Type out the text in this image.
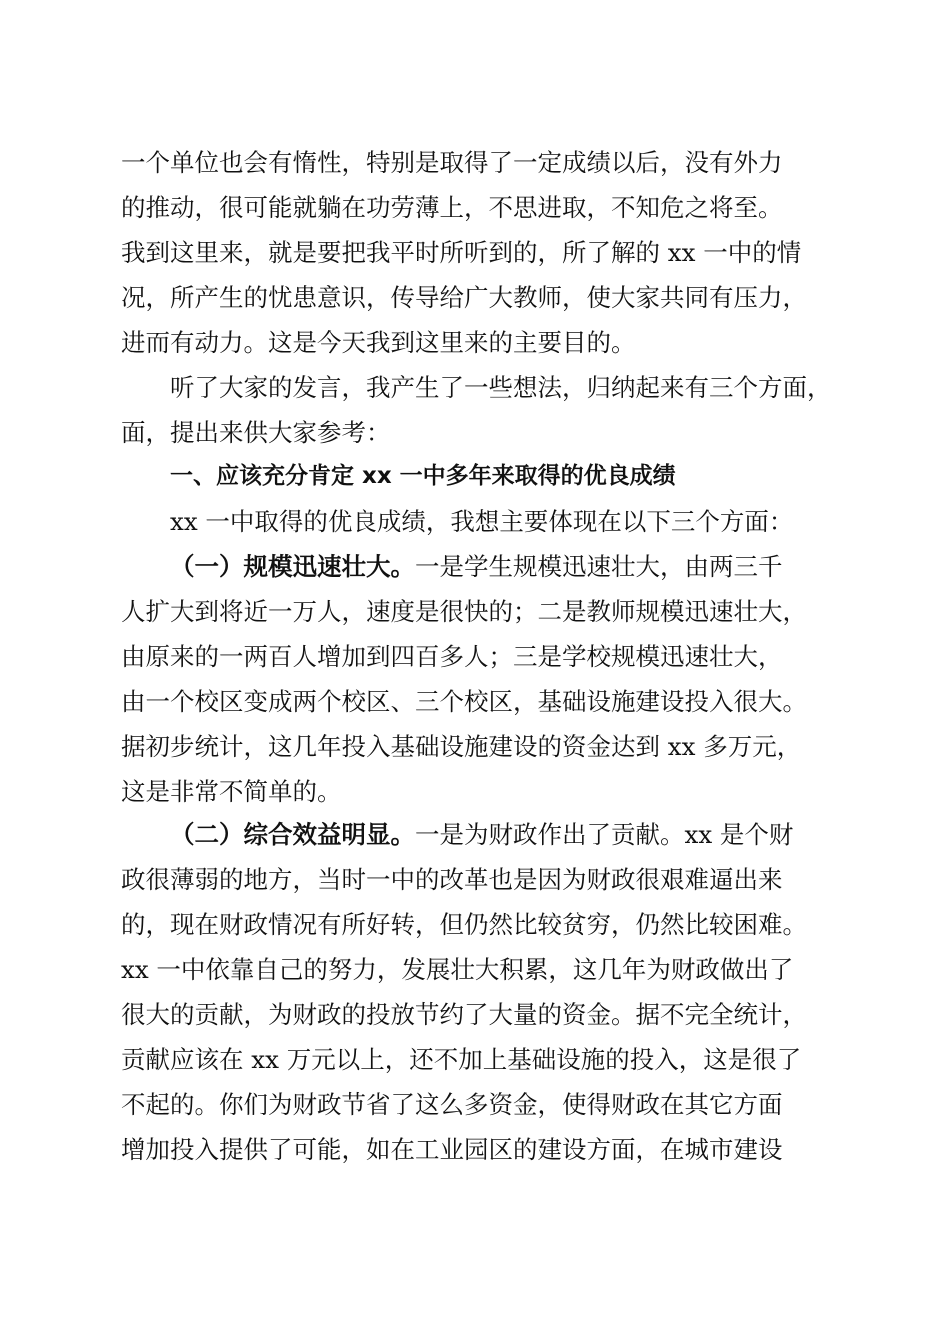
一个单位也会有惰性，特别是取得了一定成绩以后，没有外力
的推动，很可能就躺在功劳薄上，不思进取，不知危之将至。
我到这里来，就是要把我平时所听到的，所了解的 xx 一中的情
况，所产生的忧患意识，传导给广大教师，使大家共同有压力，
进而有动力。这是今天我到这里来的主要目的。
听了大家的发言，我产生了一些想法，归纳起来有三个方面，
面，提出来供大家参考：
一、应该充分肯定 xx 一中多年来取得的优良成绩
xx 一中取得的优良成绩，我想主要体现在以下三个方面：
（一）规模迅速壮大。一是学生规模迅速壮大，由两三千
人扩大到将近一万人，速度是很快的；二是教师规模迅速壮大，
由原来的一两百人增加到四百多人；三是学校规模迅速壮大，
由一个校区变成两个校区、三个校区，基础设施建设投入很大。
据初步统计，这几年投入基础设施建设的资金达到 xx 多万元，
这是非常不简单的。
（二）综合效益明显。一是为财政作出了贡献。xx 是个财
政很薄弱的地方，当时一中的改革也是因为财政很艰难逼出来
的，现在财政情况有所好转，但仍然比较贫穷，仍然比较困难。
xx 一中依靠自己的努力，发展壮大积累，这几年为财政做出了
很大的贡献，为财政的投放节约了大量的资金。据不完全统计，
贡献应该在 xx 万元以上，还不加上基础设施的投入，这是很了
不起的。你们为财政节省了这么多资金，使得财政在其它方面
增加投入提供了可能，如在工业园区的建设方面，在城市建设
